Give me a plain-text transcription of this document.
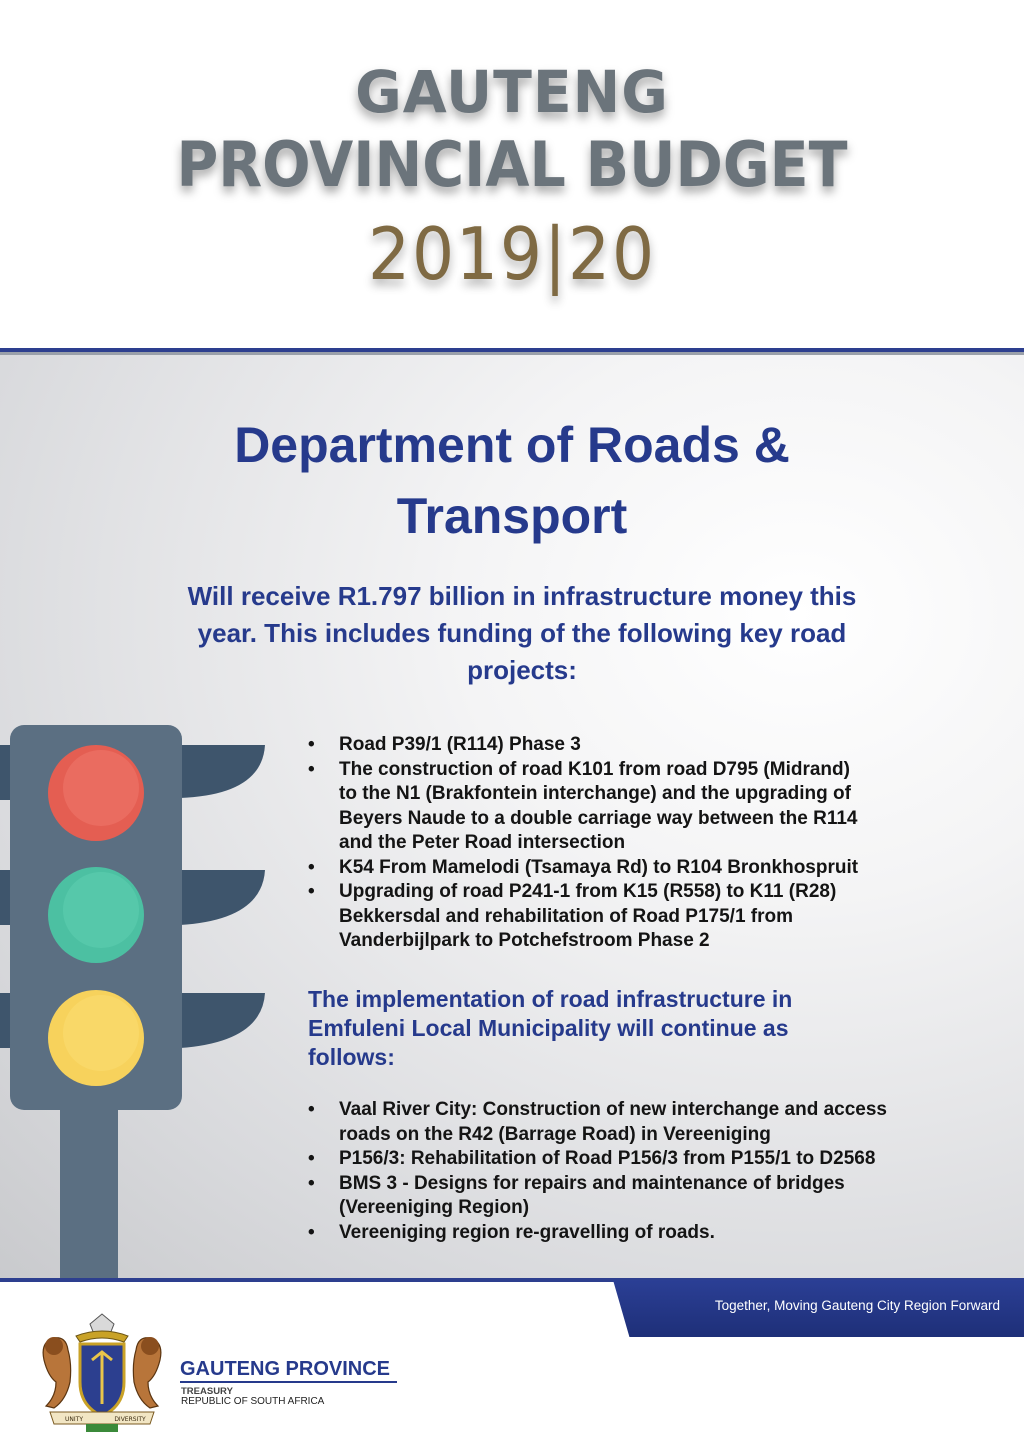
GAUTENG
PROVINCIAL BUDGET
2019|20
Department of Roads &
Transport
Will receive R1.797 billion in infrastructure money this
year. This includes funding of the following key road
projects:
• Road P39/1 (R114) Phase 3
• The construction of road K101 from road D795 (Midrand)
to the N1 (Brakfontein interchange) and the upgrading of
Beyers Naude to a double carriage way between the R114
and the Peter Road intersection
• K54 From Mamelodi (Tsamaya Rd) to R104 Bronkhospruit
• Upgrading of road P241-1 from K15 (R558) to K11 (R28)
Bekkersdal and rehabilitation of Road P175/1 from
Vanderbijlpark to Potchefstroom Phase 2
The implementation of road infrastructure in
Emfuleni Local Municipality will continue as
follows:
• Vaal River City: Construction of new interchange and access
roads on the R42 (Barrage Road) in Vereeniging
• P156/3: Rehabilitation of Road P156/3 from P155/1 to D2568
• BMS 3 - Designs for repairs and maintenance of bridges
(Vereeniging Region)
• Vereeniging region re-gravelling of roads.
Together, Moving Gauteng City Region Forward
UNITY	DIVERSITY
GAUTENG PROVINCE
TREASURY
REPUBLIC OF SOUTH AFRICA
